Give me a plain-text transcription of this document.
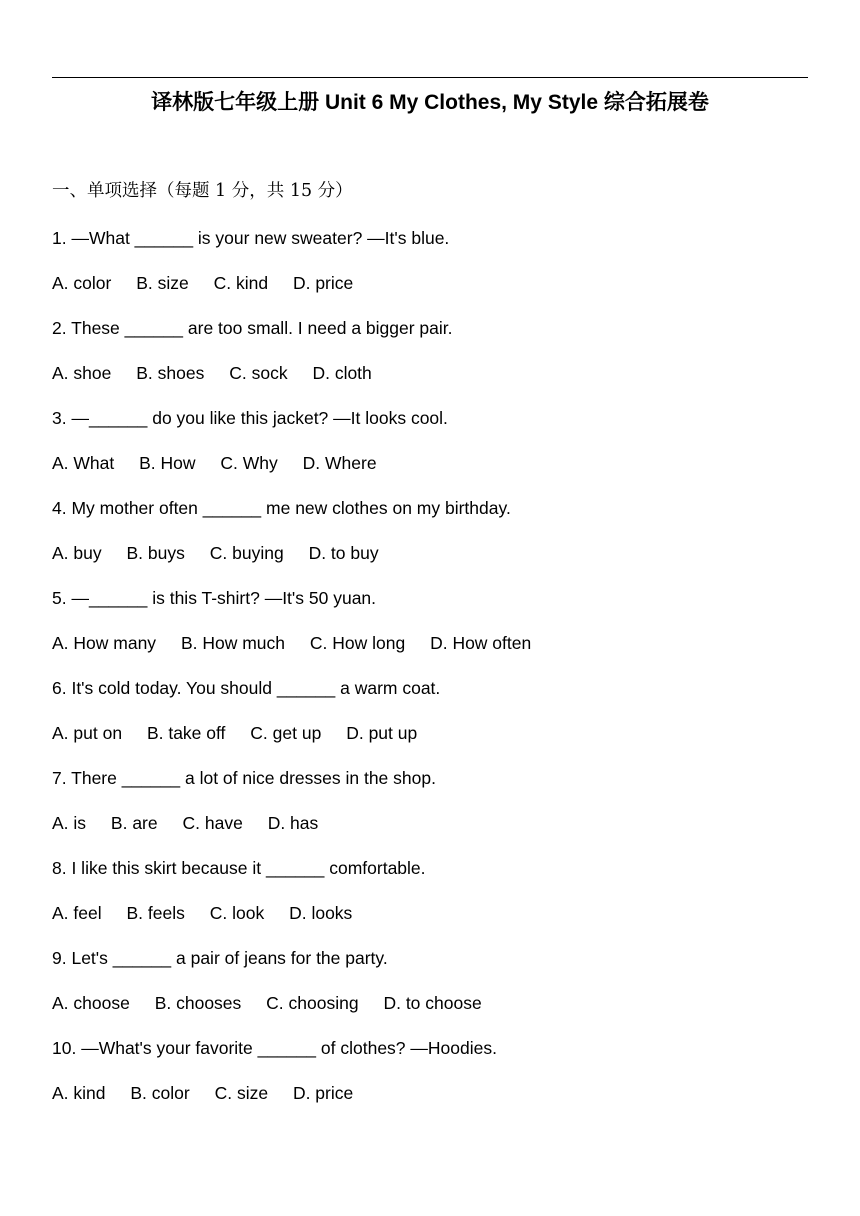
译林版七年级上册 Unit 6 My Clothes, My Style 综合拓展卷
一、单项选择（每题 1 分，共 15 分）
1. —What ______ is your new sweater? —It's blue.
A. color B. size C. kind D. price
2. These ______ are too small. I need a bigger pair.
A. shoe B. shoes C. sock D. cloth
3. —______ do you like this jacket? —It looks cool.
A. What B. How C. Why D. Where
4. My mother often ______ me new clothes on my birthday.
A. buy B. buys C. buying D. to buy
5. —______ is this T-shirt? —It's 50 yuan.
A. How many B. How much C. How long D. How often
6. It's cold today. You should ______ a warm coat.
A. put on B. take off C. get up D. put up
7. There ______ a lot of nice dresses in the shop.
A. is B. are C. have D. has
8. I like this skirt because it ______ comfortable.
A. feel B. feels C. look D. looks
9. Let's ______ a pair of jeans for the party.
A. choose B. chooses C. choosing D. to choose
10. —What's your favorite ______ of clothes? —Hoodies.
A. kind B. color C. size D. price
